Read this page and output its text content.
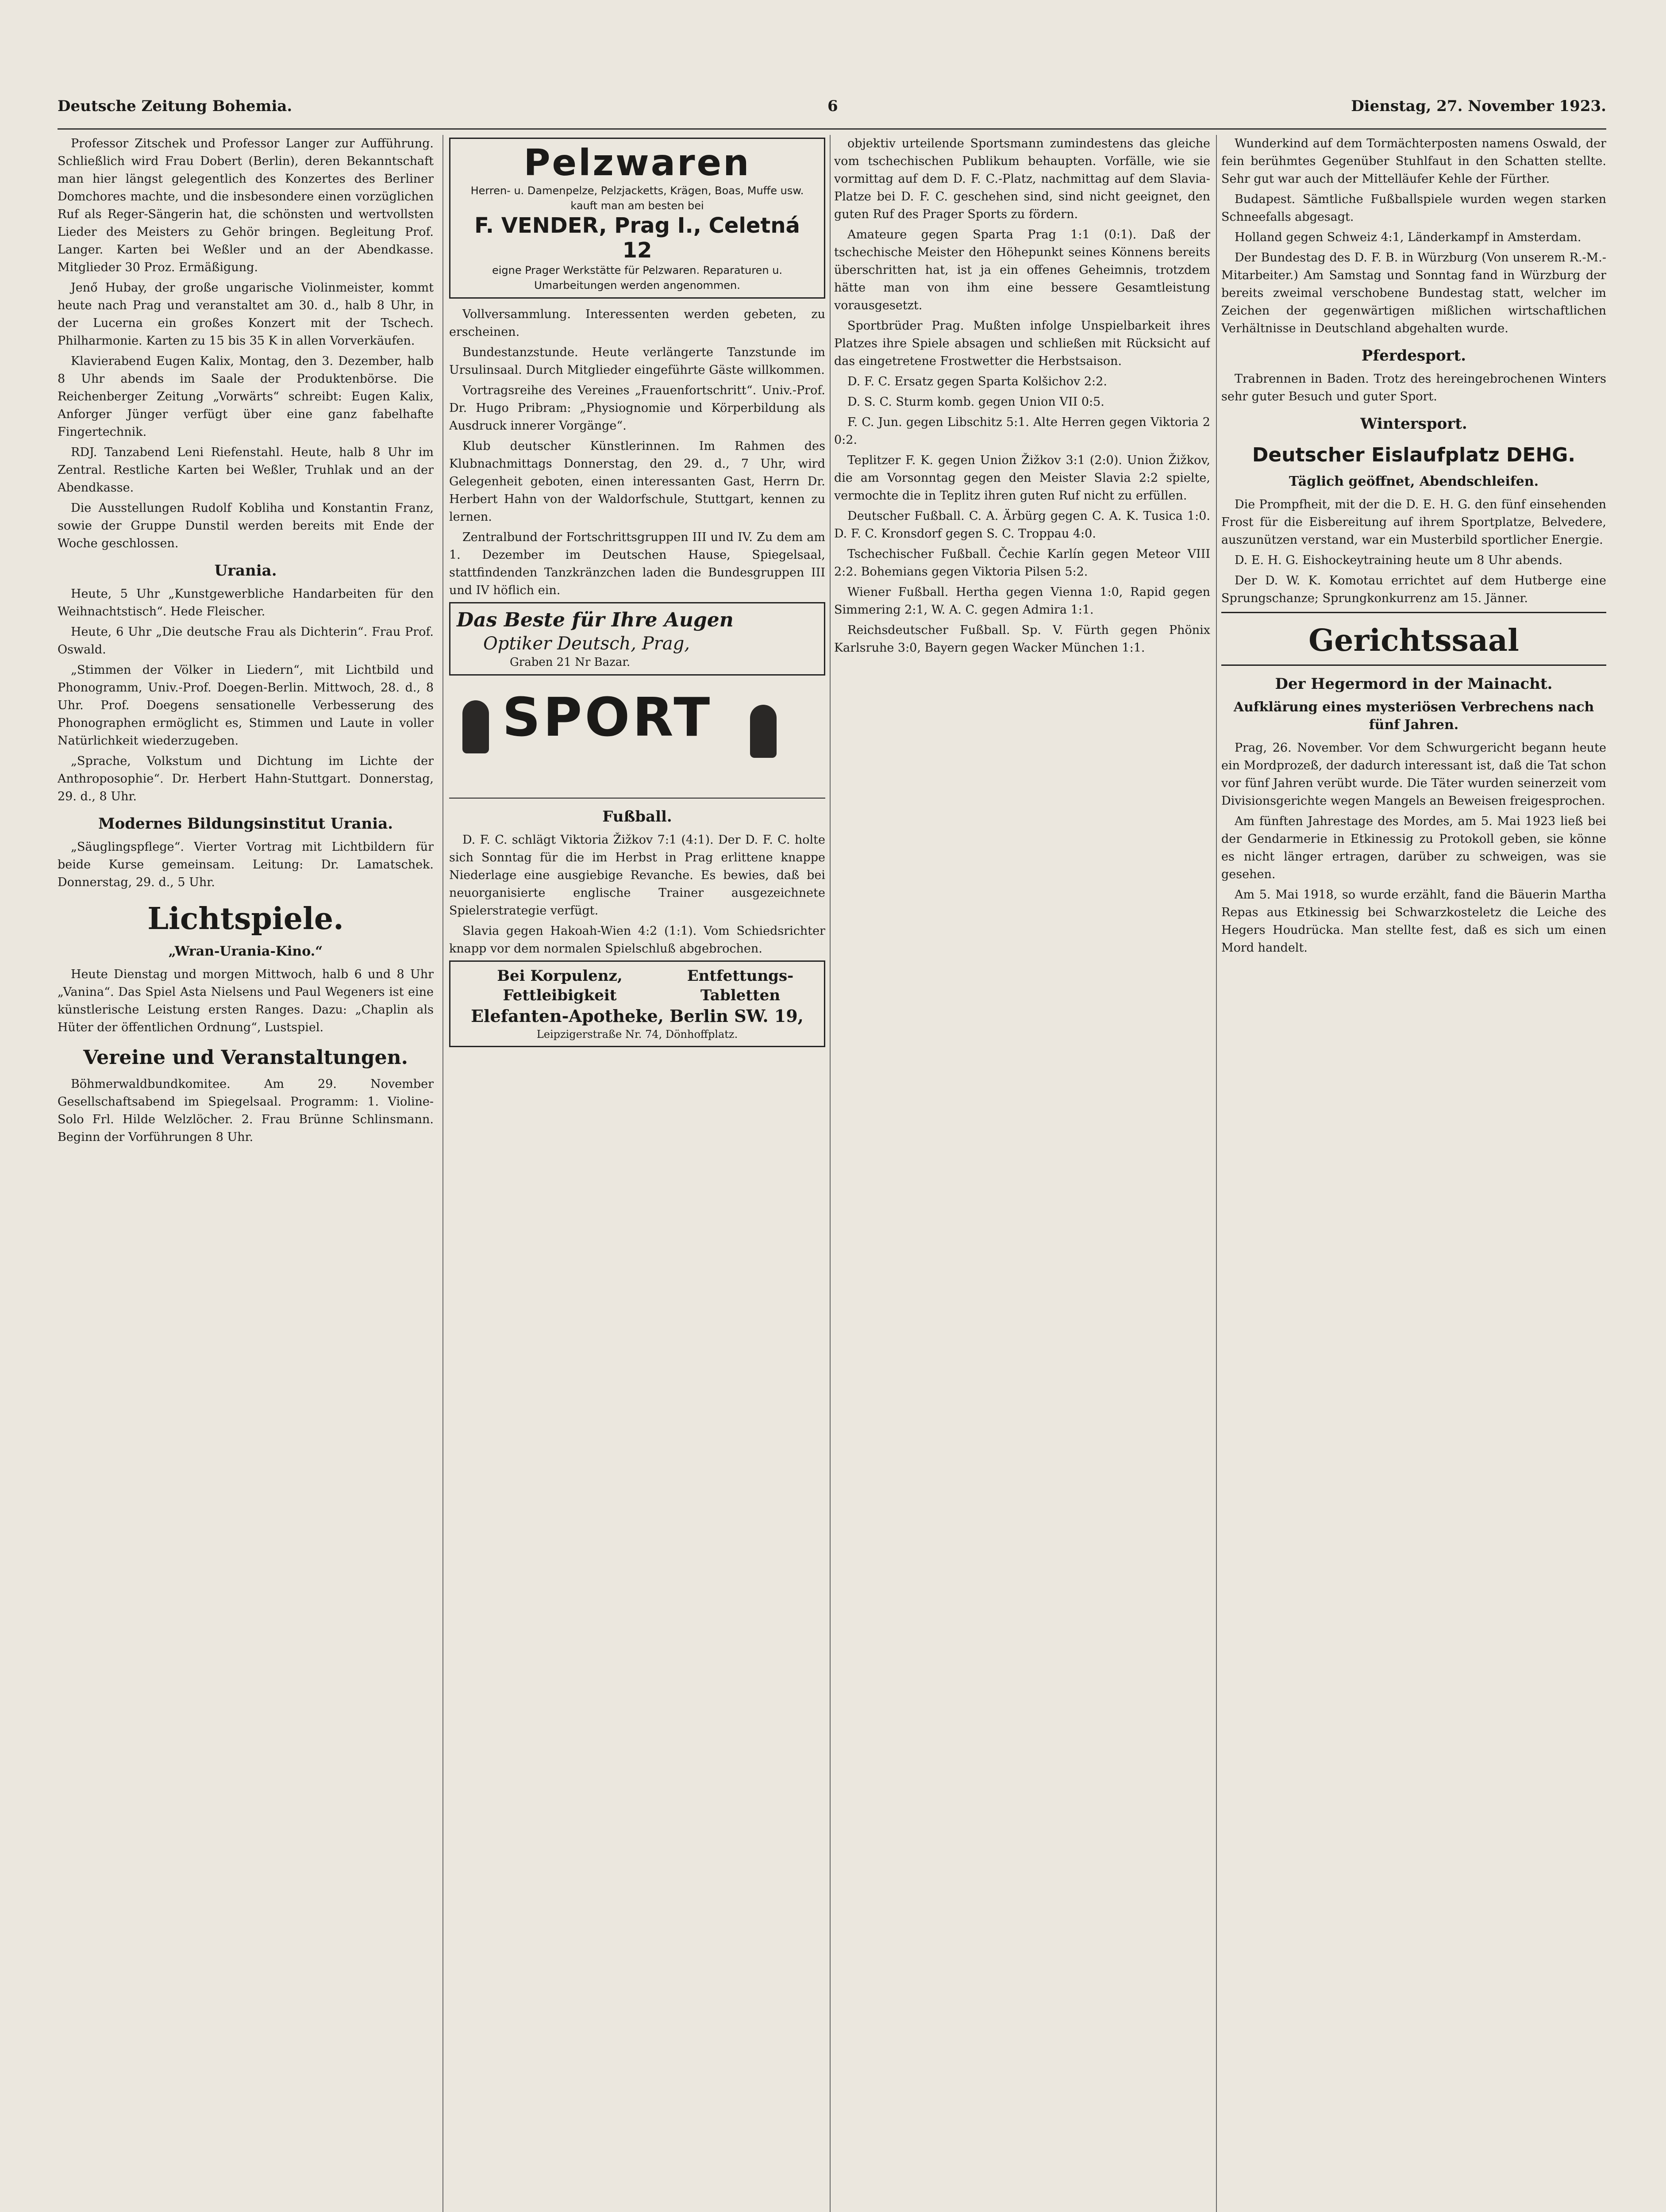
Deutsche Zeitung Bohemia.	6	Dienstag, 27. November 1923.

Professor Zitschek und Professor Langer zur Aufführung. Schließlich wird Frau Dobert (Berlin), deren Bekanntschaft man hier längst gelegentlich des Konzertes des Berliner Domchores machte, und die insbesondere einen vorzüglichen Ruf als Reger-Sängerin hat, die schönsten und wertvollsten Lieder des Meisters zu Gehör bringen. Begleitung Prof. Langer. Karten bei Weßler und an der Abendkasse. Mitglieder 30 Proz. Ermäßigung.

Jenő Hubay, der große ungarische Violinmeister, kommt heute nach Prag und veranstaltet am 30. d., halb 8 Uhr, in der Lucerna ein großes Konzert mit der Tschech. Philharmonie. Karten zu 15 bis 35 K in allen Vorverkäufen.

Klavierabend Eugen Kalix, Montag, den 3. Dezember, halb 8 Uhr abends im Saale der Produktenbörse. Die Reichenberger Zeitung „Vorwärts“ schreibt: Eugen Kalix, Anforger Jünger verfügt über eine ganz fabelhafte Fingertechnik.

RDJ. Tanzabend Leni Riefenstahl. Heute, halb 8 Uhr im Zentral. Restliche Karten bei Weßler, Truhlak und an der Abendkasse.

Die Ausstellungen Rudolf Kobliha und Konstantin Franz, sowie der Gruppe Dunstil werden bereits mit Ende der Woche geschlossen.

Urania.

Heute, 5 Uhr „Kunstgewerbliche Handarbeiten für den Weihnachtstisch“. Hede Fleischer.

Heute, 6 Uhr „Die deutsche Frau als Dichterin“. Frau Prof. Oswald.

„Stimmen der Völker in Liedern“, mit Lichtbild und Phonogramm, Univ.-Prof. Doegen-Berlin. Mittwoch, 28. d., 8 Uhr. Prof. Doegens sensationelle Verbesserung des Phonographen ermöglicht es, Stimmen und Laute in voller Natürlichkeit wiederzugeben.

„Sprache, Volkstum und Dichtung im Lichte der Anthroposophie“. Dr. Herbert Hahn-Stuttgart. Donnerstag, 29. d., 8 Uhr.

Modernes Bildungsinstitut Urania.

„Säuglingspflege“. Vierter Vortrag mit Lichtbildern für beide Kurse gemeinsam. Leitung: Dr. Lamatschek. Donnerstag, 29. d., 5 Uhr.

Lichtspiele.
„Wran-Urania-Kino.“

Heute Dienstag und morgen Mittwoch, halb 6 und 8 Uhr „Vanina“. Das Spiel Asta Nielsens und Paul Wegeners ist eine künstlerische Leistung ersten Ranges. Dazu: „Chaplin als Hüter der öffentlichen Ordnung“, Lustspiel.

Vereine und Veranstaltungen.

Böhmerwaldbundkomitee. Am 29. November Gesellschaftsabend im Spiegelsaal. Programm: 1. Violine-Solo Frl. Hilde Welzlöcher. 2. Frau Brünne Schlinsmann. Beginn der Vorführungen 8 Uhr.

Pelzwaren
Herren- u. Damenpelze, Pelzjacketts, Krägen, Boas, Muffe usw. kauft man am besten bei
F. VENDER, Prag I., Celetná 12
eigne Prager Werkstätte für Pelzwaren. Reparaturen u. Umarbeitungen werden angenommen.

Vollversammlung. Interessenten werden gebeten, zu erscheinen.

Bundestanzstunde. Heute verlängerte Tanzstunde im Ursulinsaal. Durch Mitglieder eingeführte Gäste willkommen.

Vortragsreihe des Vereines „Frauenfortschritt“. Univ.-Prof. Dr. Hugo Pribram: „Physiognomie und Körperbildung als Ausdruck innerer Vorgänge“.

Klub deutscher Künstlerinnen. Im Rahmen des Klubnachmittags Donnerstag, den 29. d., 7 Uhr, wird Gelegenheit geboten, einen interessanten Gast, Herrn Dr. Herbert Hahn von der Waldorfschule, Stuttgart, kennen zu lernen.

Zentralbund der Fortschrittsgruppen III und IV. Zu dem am 1. Dezember im Deutschen Hause, Spiegelsaal, stattfindenden Tanzkränzchen laden die Bundesgruppen III und IV höflich ein.

Das Beste für Ihre Augen
Optiker Deutsch, Prag,
Graben 21 Nr Bazar.
SPORT
Fußball.

D. F. C. schlägt Viktoria Žižkov 7:1 (4:1). Der D. F. C. holte sich Sonntag für die im Herbst in Prag erlittene knappe Niederlage eine ausgiebige Revanche. Es bewies, daß bei neuorganisierte englische Trainer ausgezeichnete Spielerstrategie verfügt.

Slavia gegen Hakoah-Wien 4:2 (1:1). Vom Schiedsrichter knapp vor dem normalen Spielschluß abgebrochen.

Bei Korpulenz, Fettleibigkeit
Entfettungs-Tabletten
Elefanten-Apotheke, Berlin SW. 19,
Leipzigerstraße Nr. 74, Dönhoffplatz.

objektiv urteilende Sportsmann zumindestens das gleiche vom tschechischen Publikum behaupten. Vorfälle, wie sie vormittag auf dem D. F. C.-Platz, nachmittag auf dem Slavia-Platze bei D. F. C. geschehen sind, sind nicht geeignet, den guten Ruf des Prager Sports zu fördern.

Amateure gegen Sparta Prag 1:1 (0:1). Daß der tschechische Meister den Höhepunkt seines Könnens bereits überschritten hat, ist ja ein offenes Geheimnis, trotzdem hätte man von ihm eine bessere Gesamtleistung vorausgesetzt.

Sportbrüder Prag. Mußten infolge Unspielbarkeit ihres Platzes ihre Spiele absagen und schließen mit Rücksicht auf das eingetretene Frostwetter die Herbstsaison.

D. F. C. Ersatz gegen Sparta Kolšichov 2:2.

D. S. C. Sturm komb. gegen Union VII 0:5.

F. C. Jun. gegen Libschitz 5:1. Alte Herren gegen Viktoria 2 0:2.

Teplitzer F. K. gegen Union Žižkov 3:1 (2:0). Union Žižkov, die am Vorsonntag gegen den Meister Slavia 2:2 spielte, vermochte die in Teplitz ihren guten Ruf nicht zu erfüllen.

Deutscher Fußball. C. A. Ärbürg gegen C. A. K. Tusica 1:0. D. F. C. Kronsdorf gegen S. C. Troppau 4:0.

Tschechischer Fußball. Čechie Karlín gegen Meteor VIII 2:2. Bohemians gegen Viktoria Pilsen 5:2.

Wiener Fußball. Hertha gegen Vienna 1:0, Rapid gegen Simmering 2:1, W. A. C. gegen Admira 1:1.

Reichsdeutscher Fußball. Sp. V. Fürth gegen Phönix Karlsruhe 3:0, Bayern gegen Wacker München 1:1.

Wunderkind auf dem Tormächterposten namens Oswald, der fein berühmtes Gegenüber Stuhlfaut in den Schatten stellte. Sehr gut war auch der Mittelläufer Kehle der Fürther.

Budapest. Sämtliche Fußballspiele wurden wegen starken Schneefalls abgesagt.

Holland gegen Schweiz 4:1, Länderkampf in Amsterdam.

Der Bundestag des D. F. B. in Würzburg (Von unserem R.-M.-Mitarbeiter.) Am Samstag und Sonntag fand in Würzburg der bereits zweimal verschobene Bundestag statt, welcher im Zeichen der gegenwärtigen mißlichen wirtschaftlichen Verhältnisse in Deutschland abgehalten wurde.

Pferdesport.

Trabrennen in Baden. Trotz des hereingebrochenen Winters sehr guter Besuch und guter Sport.

Wintersport.
Deutscher Eislaufplatz DEHG.
Täglich geöffnet, Abendschleifen.

Die Prompfheit, mit der die D. E. H. G. den fünf einsehenden Frost für die Eisbereitung auf ihrem Sportplatze, Belvedere, auszunützen verstand, war ein Musterbild sportlicher Energie.

D. E. H. G. Eishockeytraining heute um 8 Uhr abends.

Der D. W. K. Komotau errichtet auf dem Hutberge eine Sprungschanze; Sprungkonkurrenz am 15. Jänner.

Gerichtssaal
Der Hegermord in der Mainacht.
Aufklärung eines mysteriösen Verbrechens nach fünf Jahren.

Prag, 26. November. Vor dem Schwurgericht begann heute ein Mordprozeß, der dadurch interessant ist, daß die Tat schon vor fünf Jahren verübt wurde. Die Täter wurden seinerzeit vom Divisionsgerichte wegen Mangels an Beweisen freigesprochen.

Am fünften Jahrestage des Mordes, am 5. Mai 1923 ließ bei der Gendarmerie in Etkinessig zu Protokoll geben, sie könne es nicht länger ertragen, darüber zu schweigen, was sie gesehen.

Am 5. Mai 1918, so wurde erzählt, fand die Bäuerin Martha Repas aus Etkinessig bei Schwarzkosteletz die Leiche des Hegers Houdrücka. Man stellte fest, daß es sich um einen Mord handelt.
